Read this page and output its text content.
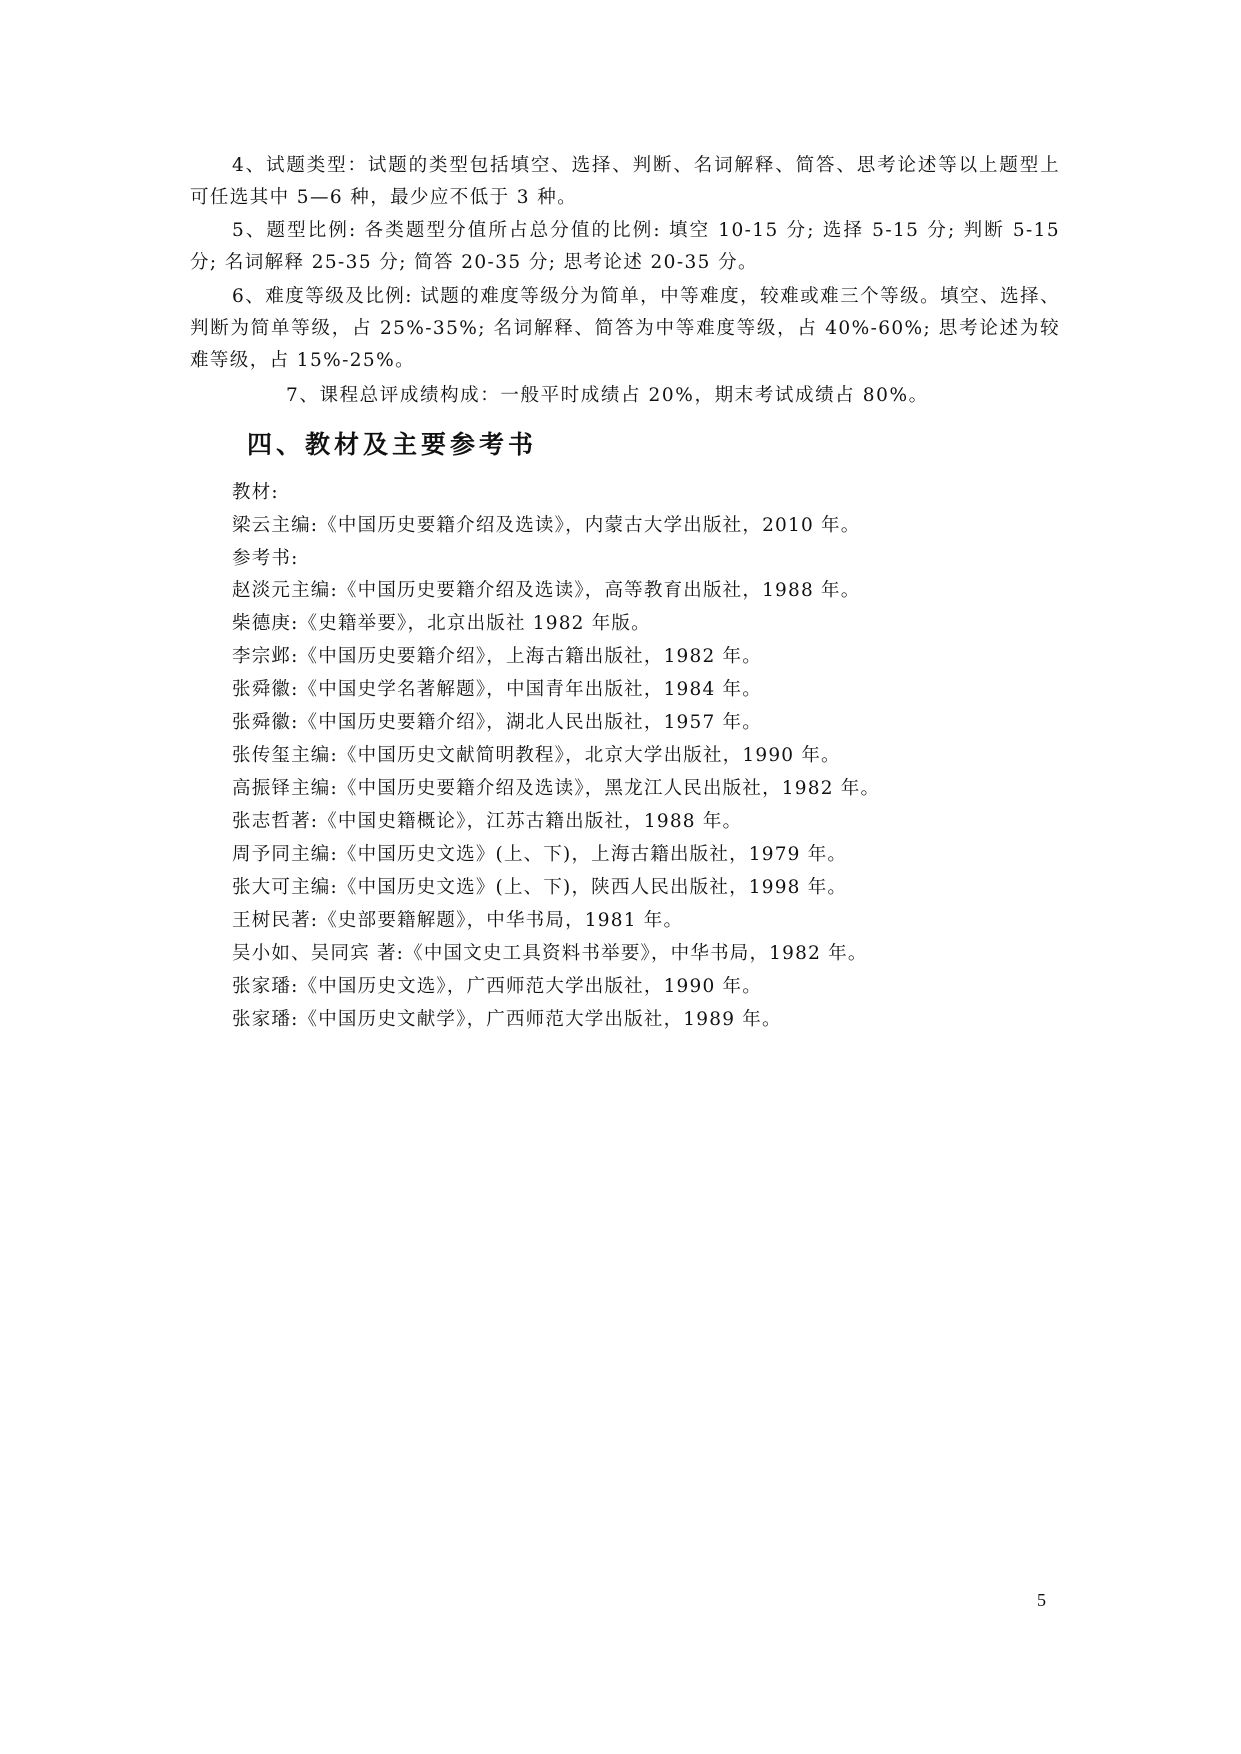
4、试题类型：试题的类型包括填空、选择、判断、名词解释、简答、思考论述等以上题型上可任选其中 5—6 种，最少应不低于 3 种。

5、题型比例: 各类题型分值所占总分值的比例: 填空 10-15 分; 选择 5-15 分; 判断 5-15 分; 名词解释 25-35 分; 简答 20-35 分; 思考论述 20-35 分。

6、难度等级及比例: 试题的难度等级分为简单，中等难度，较难或难三个等级。填空、选择、判断为简单等级，占 25%-35%; 名词解释、简答为中等难度等级，占 40%-60%; 思考论述为较难等级，占 15%-25%。

7、课程总评成绩构成：一般平时成绩占 20%，期末考试成绩占 80%。

四、教材及主要参考书

教材:

梁云主编:《中国历史要籍介绍及选读》，内蒙古大学出版社，2010 年。

参考书:

赵淡元主编:《中国历史要籍介绍及选读》，高等教育出版社，1988 年。

柴德庚:《史籍举要》，北京出版社 1982 年版。

李宗邺:《中国历史要籍介绍》，上海古籍出版社，1982 年。

张舜徽:《中国史学名著解题》，中国青年出版社，1984 年。

张舜徽:《中国历史要籍介绍》，湖北人民出版社，1957 年。

张传玺主编:《中国历史文献简明教程》，北京大学出版社，1990 年。

高振铎主编:《中国历史要籍介绍及选读》，黑龙江人民出版社，1982 年。

张志哲著:《中国史籍概论》，江苏古籍出版社，1988 年。

周予同主编:《中国历史文选》(上、下)，上海古籍出版社，1979 年。

张大可主编:《中国历史文选》(上、下)，陕西人民出版社，1998 年。

王树民著:《史部要籍解题》，中华书局，1981 年。

吴小如、吴同宾 著:《中国文史工具资料书举要》，中华书局，1982 年。

张家璠:《中国历史文选》，广西师范大学出版社，1990 年。

张家璠:《中国历史文献学》，广西师范大学出版社，1989 年。

5
